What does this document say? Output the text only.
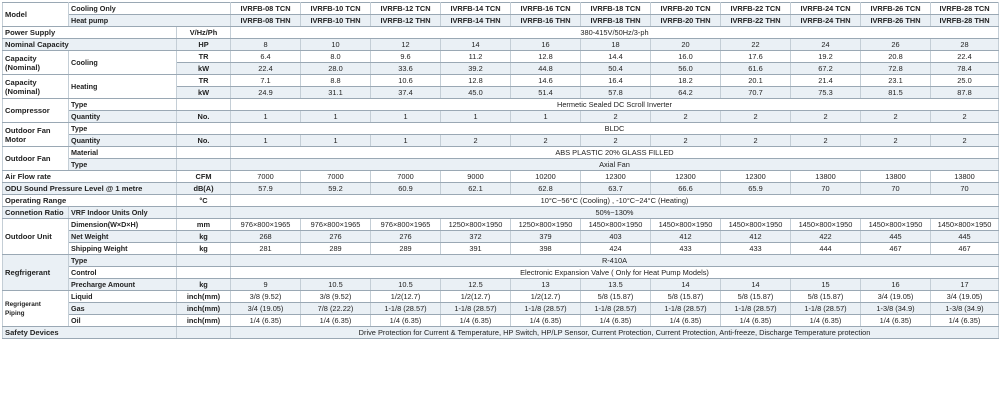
Model	Cooling Only		IVRFB-08 TCN	IVRFB-10 TCN	IVRFB-12 TCN	IVRFB-14 TCN	IVRFB-16 TCN	IVRFB-18 TCN	IVRFB-20 TCN	IVRFB-22 TCN	IVRFB-24 TCN	IVRFB-26 TCN	IVRFB-28 TCN
	Heat pump		IVRFB-08 THN	IVRFB-10 THN	IVRFB-12 THN	IVRFB-14 THN	IVRFB-16 THN	IVRFB-18 THN	IVRFB-20 THN	IVRFB-22 THN	IVRFB-24 THN	IVRFB-26 THN	IVRFB-28 THN
Power Supply		V/Hz/Ph	380-415V/50Hz/3-ph										
Nominal Capacity		HP	8	10	12	14	16	18	20	22	24	26	28
Capacity
(Nominal)	Cooling	TR	6.4	8.0	9.6	11.2	12.8	14.4	16.0	17.6	19.2	20.8	22.4
		kW	22.4	28.0	33.6	39.2	44.8	50.4	56.0	61.6	67.2	72.8	78.4
Capacity
(Nominal)	Heating	TR	7.1	8.8	10.6	12.8	14.6	16.4	18.2	20.1	21.4	23.1	25.0
		kW	24.9	31.1	37.4	45.0	51.4	57.8	64.2	70.7	75.3	81.5	87.8
Compressor	Type		Hermetic Sealed DC Scroll Inverter										
	Quantity	No.	1	1	1	1	1	2	2	2	2	2	2
Outdoor Fan
Motor	Type		BLDC										
	Quantity	No.	1	1	1	2	2	2	2	2	2	2	2
Outdoor Fan	Material		ABS PLASTIC 20% GLASS FILLED										
	Type		Axial Fan										
Air Flow rate		CFM	7000	7000	7000	9000	10200	12300	12300	12300	13800	13800	13800
ODU Sound Pressure Level @ 1 metre		dB(A)	57.9	59.2	60.9	62.1	62.8	63.7	66.6	65.9	70	70	70
Operating Range		°C	10°C~56°C (Cooling) , -10°C~24°C (Heating)										
Connetion Ratio	VRF Indoor Units Only		50%~130%										
Outdoor Unit	Dimension(W×D×H)	mm	976×800×1965	976×800×1965	976×800×1965	1250×800×1950	1250×800×1950	1450×800×1950	1450×800×1950	1450×800×1950	1450×800×1950	1450×800×1950	1450×800×1950
	Net Weight	kg	268	276	276	372	379	403	412	412	422	445	445
	Shipping Weight	kg	281	289	289	391	398	424	433	433	444	467	467
Regfrigerant	Type		R-410A										
	Control		Electronic Expansion Valve ( Only for Heat Pump Models)										
	Precharge Amount	kg	9	10.5	10.5	12.5	13	13.5	14	14	15	16	17
Regrigerant
Piping	Liquid	inch(mm)	3/8 (9.52)	3/8 (9.52)	1/2(12.7)	1/2(12.7)	1/2(12.7)	5/8 (15.87)	5/8 (15.87)	5/8 (15.87)	5/8 (15.87)	3/4 (19.05)	3/4 (19.05)
	Gas	inch(mm)	3/4 (19.05)	7/8 (22.22)	1-1/8 (28.57)	1-1/8 (28.57)	1-1/8 (28.57)	1-1/8 (28.57)	1-1/8 (28.57)	1-1/8 (28.57)	1-1/8 (28.57)	1-3/8 (34.9)	1-3/8 (34.9)
	Oil	inch(mm)	1/4 (6.35)	1/4 (6.35)	1/4 (6.35)	1/4 (6.35)	1/4 (6.35)	1/4 (6.35)	1/4 (6.35)	1/4 (6.35)	1/4 (6.35)	1/4 (6.35)	1/4 (6.35)
Safety Devices			Drive Protection for Current & Temperature, HP Switch, HP/LP Sensor, Current Protection, Current Protection, Anti-freeze, Discharge Temperature protection										
